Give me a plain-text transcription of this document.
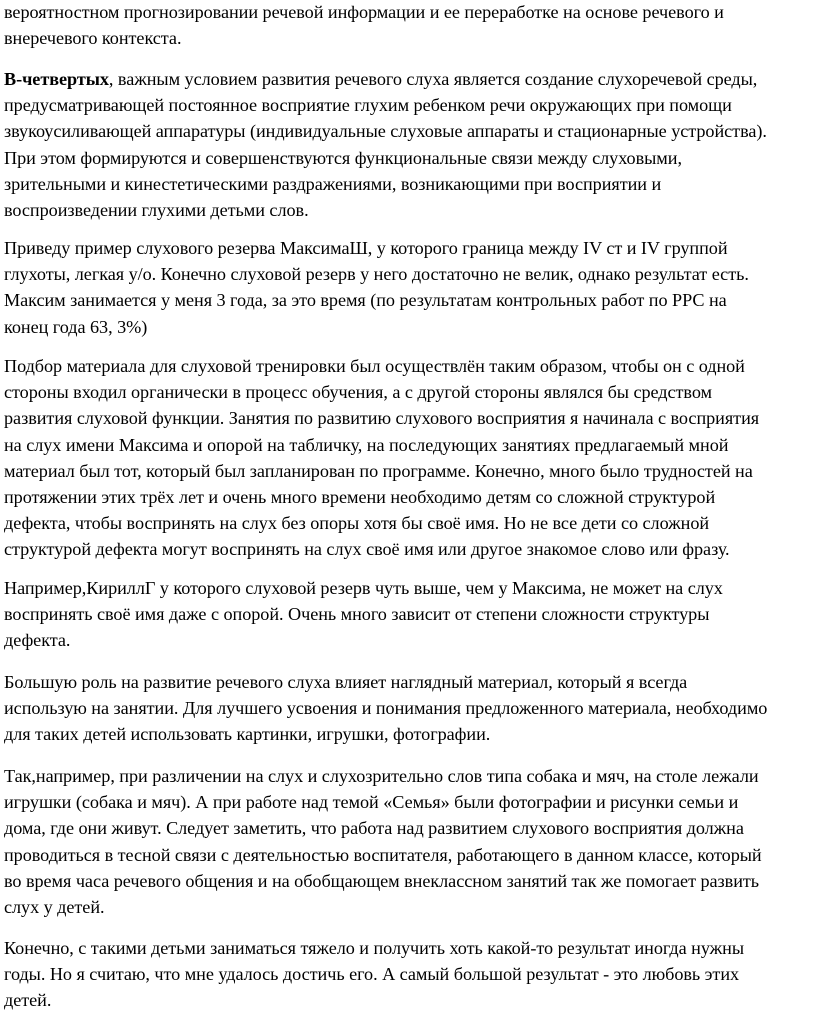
вероятностном прогнозировании речевой информации и ее переработке на основе речевого и
внеречевого контекста.

В-четвертых, важным условием развития речевого слуха является создание слухоречевой среды,
предусматривающей постоянное восприятие глухим ребенком речи окружающих при помощи
звукоусиливающей аппаратуры (индивидуальные слуховые аппараты и стационарные устройства).
При этом формируются и совершенствуются функциональные связи между слуховыми,
зрительными и кинестетическими раздражениями, возникающими при восприятии и
воспроизведении глухими детьми слов.

Приведу пример слухового резерва МаксимаШ, у которого граница между IV ст и IV группой
глухоты, легкая у/о. Конечно слуховой резерв у него достаточно не велик, однако результат есть.
Максим занимается у меня 3 года, за это время (по результатам контрольных работ по РРС на
конец года 63, 3%)

Подбор материала для слуховой тренировки был осуществлён таким образом, чтобы он с одной
стороны входил органически в процесс обучения, а с другой стороны являлся бы средством
развития слуховой функции. Занятия по развитию слухового восприятия я начинала с восприятия
на слух имени Максима и опорой на табличку, на последующих занятиях предлагаемый мной
материал был тот, который был запланирован по программе. Конечно, много было трудностей на
протяжении этих трёх лет и очень много времени необходимо детям со сложной структурой
дефекта, чтобы воспринять на слух без опоры хотя бы своё имя. Но не все дети со сложной
структурой дефекта могут воспринять на слух своё имя или другое знакомое слово или фразу.

Например,КириллГ у которого слуховой резерв чуть выше, чем у Максима, не может на слух
воспринять своё имя даже с опорой. Очень много зависит от степени сложности структуры
дефекта.

Большую роль на развитие речевого слуха влияет наглядный материал, который я всегда
использую на занятии. Для лучшего усвоения и понимания предложенного материала, необходимо
для таких детей использовать картинки, игрушки, фотографии.

Так,например, при различении на слух и слухозрительно слов типа собака и мяч, на столе лежали
игрушки (собака и мяч). А при работе над темой «Семья» были фотографии и рисунки семьи и
дома, где они живут. Следует заметить, что работа над развитием слухового восприятия должна
проводиться в тесной связи с деятельностью воспитателя, работающего в данном классе, который
во время часа речевого общения и на обобщающем внеклассном занятий так же помогает развить
слух у детей.

Конечно, с такими детьми заниматься тяжело и получить хоть какой-то результат иногда нужны
годы. Но я считаю, что мне удалось достичь его. А самый большой результат - это любовь этих
детей.
